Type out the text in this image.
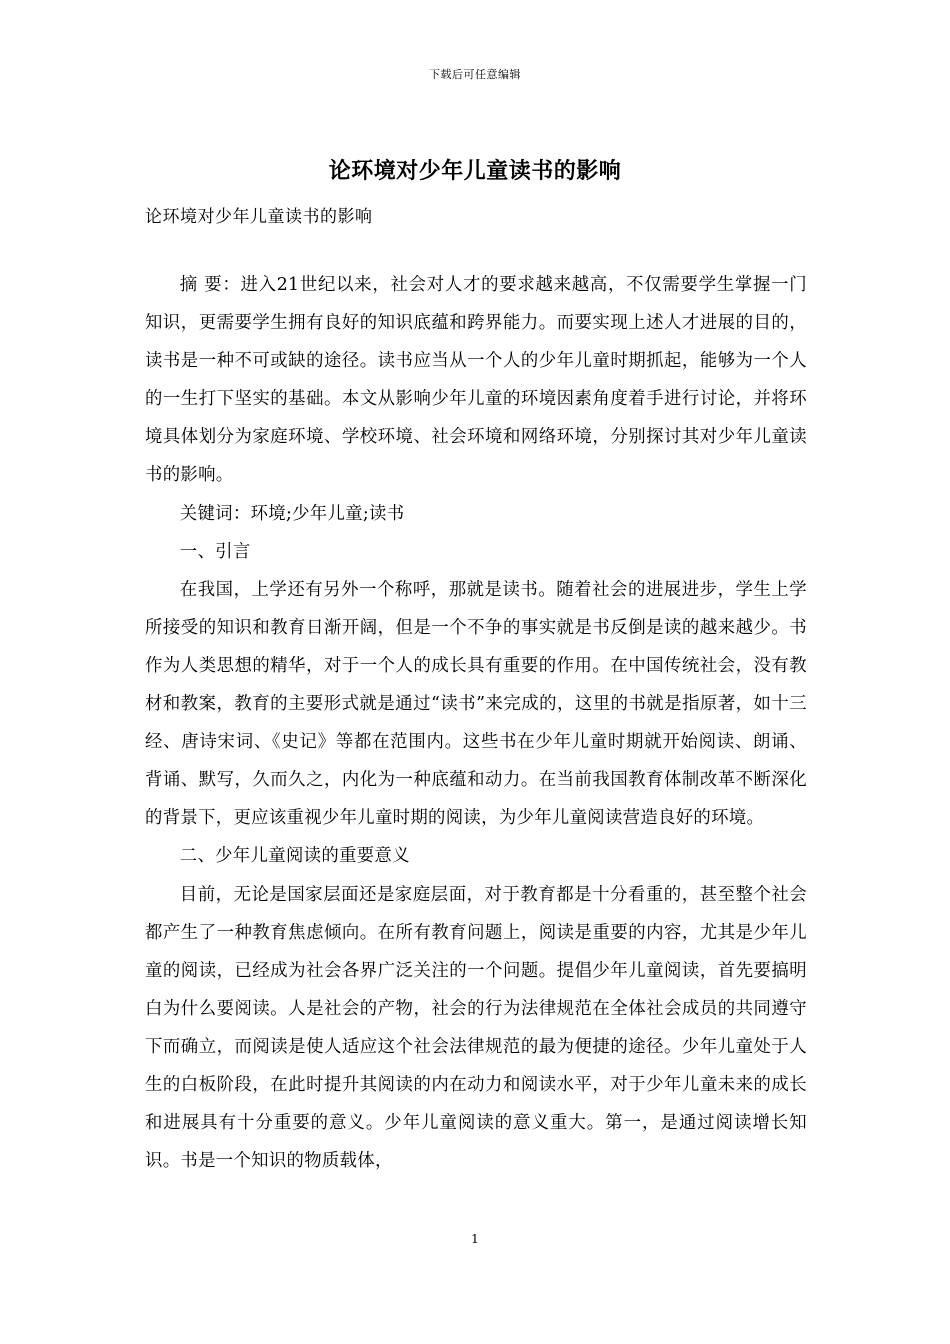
下载后可任意编辑
论环境对少年儿童读书的影响
论环境对少年儿童读书的影响

摘 要：进入21世纪以来，社会对人才的要求越来越高，不仅需要学生掌握一门知识，更需要学生拥有良好的知识底蕴和跨界能力。而要实现上述人才进展的目的，读书是一种不可或缺的途径。读书应当从一个人的少年儿童时期抓起，能够为一个人的一生打下坚实的基础。本文从影响少年儿童的环境因素角度着手进行讨论，并将环境具体划分为家庭环境、学校环境、社会环境和网络环境，分别探讨其对少年儿童读书的影响。

关键词：环境;少年儿童;读书

一、引言

在我国，上学还有另外一个称呼，那就是读书。随着社会的进展进步，学生上学所接受的知识和教育日渐开阔，但是一个不争的事实就是书反倒是读的越来越少。书作为人类思想的精华，对于一个人的成长具有重要的作用。在中国传统社会，没有教材和教案，教育的主要形式就是通过“读书”来完成的，这里的书就是指原著，如十三经、唐诗宋词、《史记》等都在范围内。这些书在少年儿童时期就开始阅读、朗诵、背诵、默写，久而久之，内化为一种底蕴和动力。在当前我国教育体制改革不断深化的背景下，更应该重视少年儿童时期的阅读，为少年儿童阅读营造良好的环境。

二、少年儿童阅读的重要意义

目前，无论是国家层面还是家庭层面，对于教育都是十分看重的，甚至整个社会都产生了一种教育焦虑倾向。在所有教育问题上，阅读是重要的内容，尤其是少年儿童的阅读，已经成为社会各界广泛关注的一个问题。提倡少年儿童阅读，首先要搞明白为什么要阅读。人是社会的产物，社会的行为法律规范在全体社会成员的共同遵守下而确立，而阅读是使人适应这个社会法律规范的最为便捷的途径。少年儿童处于人生的白板阶段，在此时提升其阅读的内在动力和阅读水平，对于少年儿童未来的成长和进展具有十分重要的意义。少年儿童阅读的意义重大。第一，是通过阅读增长知识。书是一个知识的物质载体，

1
